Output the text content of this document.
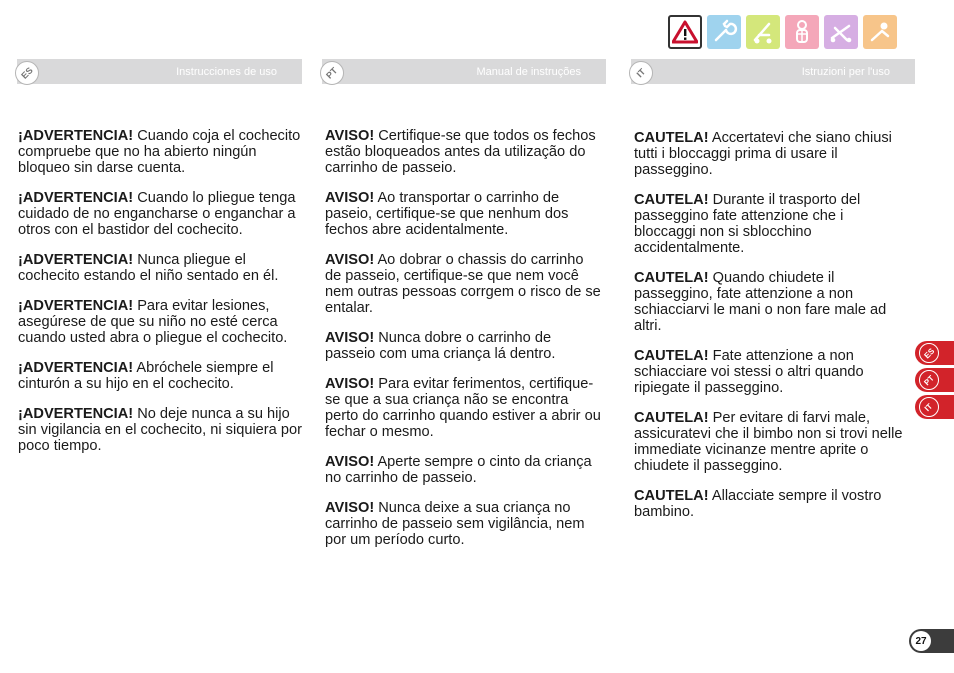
ES	Instrucciones de uso	PT	Manual de instruções	IT	Istruzioni per l'uso

¡ADVERTENCIA! Cuando coja el cochecito compruebe que no ha abierto ningún bloqueo sin darse cuenta.

¡ADVERTENCIA! Cuando lo pliegue tenga cuidado de no engancharse o enganchar a otros con el bastidor del cochecito.

¡ADVERTENCIA! Nunca pliegue el cochecito estando el niño sentado en él.

¡ADVERTENCIA! Para evitar lesiones, asegúrese de que su niño no esté cerca cuando usted abra o pliegue el cochecito.

¡ADVERTENCIA! Abróchele siempre el cinturón a su hijo en el cochecito.

¡ADVERTENCIA! No deje nunca a su hijo sin vigilancia en el cochecito, ni siquiera por poco tiempo.

AVISO! Certifique-se que todos os fechos estão bloqueados antes da utilização do carrinho de passeio.

AVISO! Ao transportar o carrinho de paseio, certifique-se que nenhum dos fechos abre acidentalmente.

AVISO! Ao dobrar o chassis do carrinho de passeio, certifique-se que nem você nem outras pessoas corrgem o risco de se entalar.

AVISO! Nunca dobre o carrinho de passeio com uma criança lá dentro.

AVISO! Para evitar ferimentos, certifique-se que a sua criança não se encontra perto do carrinho quando estiver a abrir ou fechar o mesmo.

AVISO! Aperte sempre o cinto da criança no carrinho de passeio.

AVISO! Nunca deixe a sua criança no carrinho de passeio sem vigilância, nem por um período curto.

CAUTELA! Accertatevi che siano chiusi tutti i bloccaggi prima di usare il passeggino.

CAUTELA! Durante il trasporto del passeggino fate attenzione che i bloccaggi non si sblocchino accidentalmente.

CAUTELA! Quando chiudete il passeggino, fate attenzione a non schiacciarvi le mani o non fare male ad altri.

CAUTELA! Fate attenzione a non schiacciare voi stessi o altri quando ripiegate il passeggino.

CAUTELA! Per evitare di farvi male, assicuratevi che il bimbo non si trovi nelle immediate vicinanze mentre aprite o chiudete il passeggino.

CAUTELA! Allacciate sempre il vostro bambino.

ES
PT
IT
27
